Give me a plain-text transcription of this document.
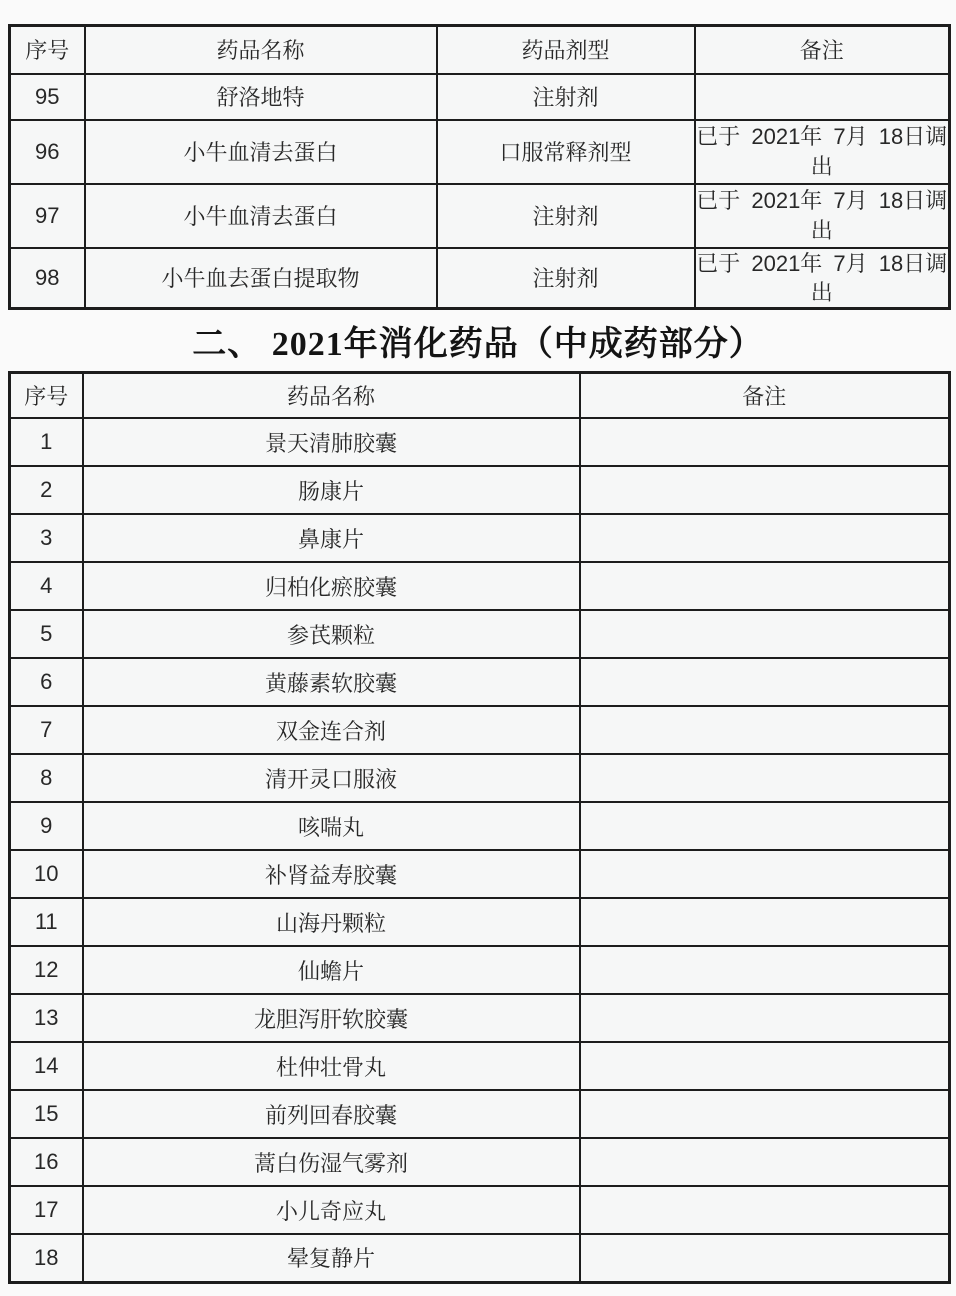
序号	药品名称	药品剂型	备注
95	舒洛地特	注射剂	
96	小牛血清去蛋白	口服常释剂型	已于 2021年 7月 18日调出
97	小牛血清去蛋白	注射剂	已于 2021年 7月 18日调出
98	小牛血去蛋白提取物	注射剂	已于 2021年 7月 18日调出
二、 2021年消化药品（中成药部分）
序号	药品名称	备注
1	景天清肺胶囊	
2	肠康片	
3	鼻康片	
4	归柏化瘀胶囊	
5	参芪颗粒	
6	黄藤素软胶囊	
7	双金连合剂	
8	清开灵口服液	
9	咳喘丸	
10	补肾益寿胶囊	
11	山海丹颗粒	
12	仙蟾片	
13	龙胆泻肝软胶囊	
14	杜仲壮骨丸	
15	前列回春胶囊	
16	蒿白伤湿气雾剂	
17	小儿奇应丸	
18	晕复静片	
